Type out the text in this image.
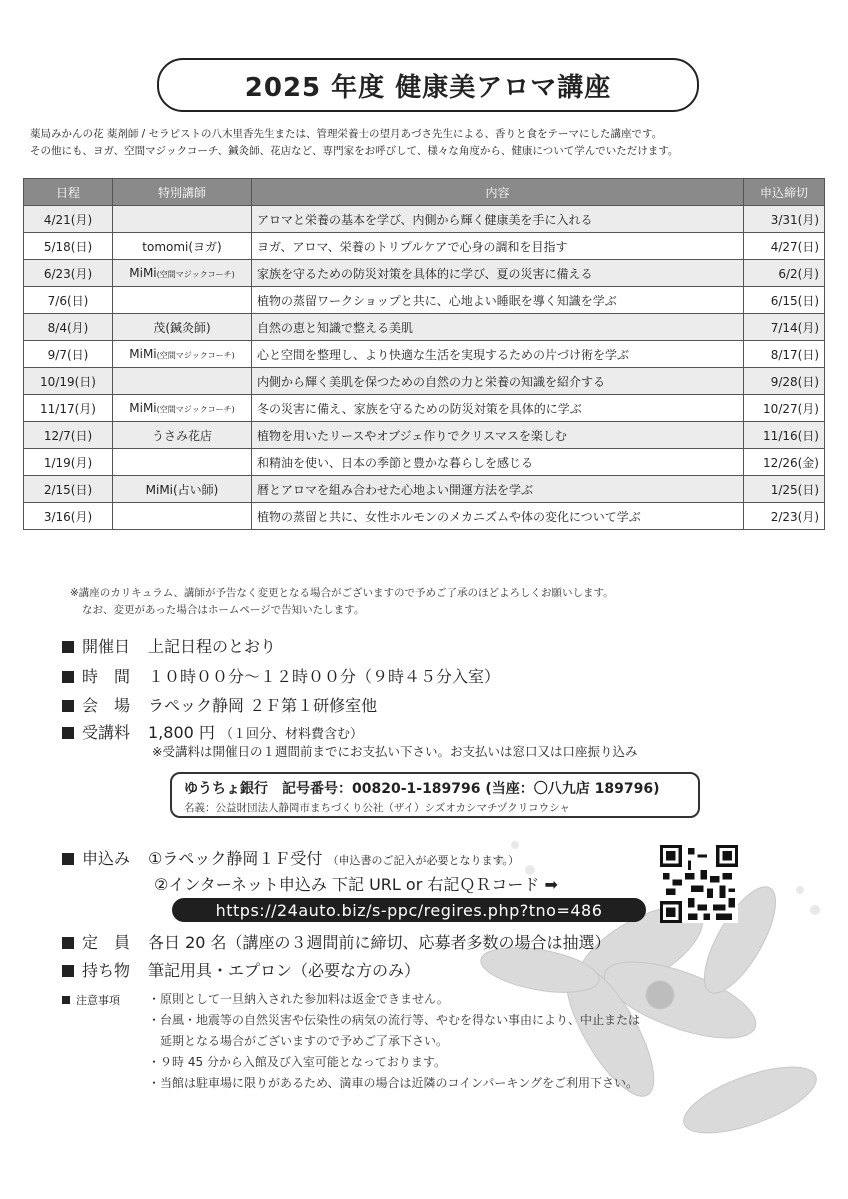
2025 年度 健康美アロマ講座
薬局みかんの花 薬剤師 / セラピストの八木里香先生または、管理栄養士の望月あづさ先生による、香りと食をテーマにした講座です。
その他にも、ヨガ、空間マジックコーチ、鍼灸師、花店など、専門家をお呼びして、様々な角度から、健康について学んでいただけます。
日程	特別講師	内容	申込締切
4/21(月)		アロマと栄養の基本を学び、内側から輝く健康美を手に入れる	3/31(月)
5/18(日)	tomomi(ヨガ)	ヨガ、アロマ、栄養のトリプルケアで心身の調和を目指す	4/27(日)
6/23(月)	MiMi(空間マジックコーチ)	家族を守るための防災対策を具体的に学び、夏の災害に備える	6/2(月)
7/6(日)		植物の蒸留ワークショップと共に、心地よい睡眠を導く知識を学ぶ	6/15(日)
8/4(月)	茂(鍼灸師)	自然の恵と知識で整える美肌	7/14(月)
9/7(日)	MiMi(空間マジックコーチ)	心と空間を整理し、より快適な生活を実現するための片づけ術を学ぶ	8/17(日)
10/19(日)		内側から輝く美肌を保つための自然の力と栄養の知識を紹介する	9/28(日)
11/17(月)	MiMi(空間マジックコーチ)	冬の災害に備え、家族を守るための防災対策を具体的に学ぶ	10/27(月)
12/7(日)	うさみ花店	植物を用いたリースやオブジェ作りでクリスマスを楽しむ	11/16(日)
1/19(月)		和精油を使い、日本の季節と豊かな暮らしを感じる	12/26(金)
2/15(日)	MiMi(占い師)	暦とアロマを組み合わせた心地よい開運方法を学ぶ	1/25(日)
3/16(月)		植物の蒸留と共に、女性ホルモンのメカニズムや体の変化について学ぶ	2/23(月)
※講座のカリキュラム、講師が予告なく変更となる場合がございますので予めご了承のほどよろしくお願いします。
なお、変更があった場合はホームページで告知いたします。
開催日 上記日程のとおり
時　間 １０時００分～１２時００分（９時４５分入室）
会　場 ラペック静岡 ２Ｆ第１研修室他
受講料 1,800 円 （１回分、材料費含む）
※受講料は開催日の１週間前までにお支払い下さい。お支払いは窓口又は口座振り込み
ゆうちょ銀行　記号番号：00820-1-189796 (当座：〇八九店 189796)
名義：公益財団法人静岡市まちづくり公社（ザイ）シズオカシマチヅクリコウシャ
申込み ①ラペック静岡１Ｆ受付 （申込書のご記入が必要となります。）
②インターネット申込み 下記 URL or 右記ＱＲコード ➡
https://24auto.biz/s-ppc/regires.php?tno=486
定　員 各日 20 名（講座の３週間前に締切、応募者多数の場合は抽選）
持ち物 筆記用具・エプロン（必要な方のみ）
注意事項 ・原則として一旦納入された参加料は返金できません。
・台風・地震等の自然災害や伝染性の病気の流行等、やむを得ない事由により、中止または
　延期となる場合がございますので予めご了承下さい。
・９時 45 分から入館及び入室可能となっております。
・当館は駐車場に限りがあるため、満車の場合は近隣のコインパーキングをご利用下さい。
